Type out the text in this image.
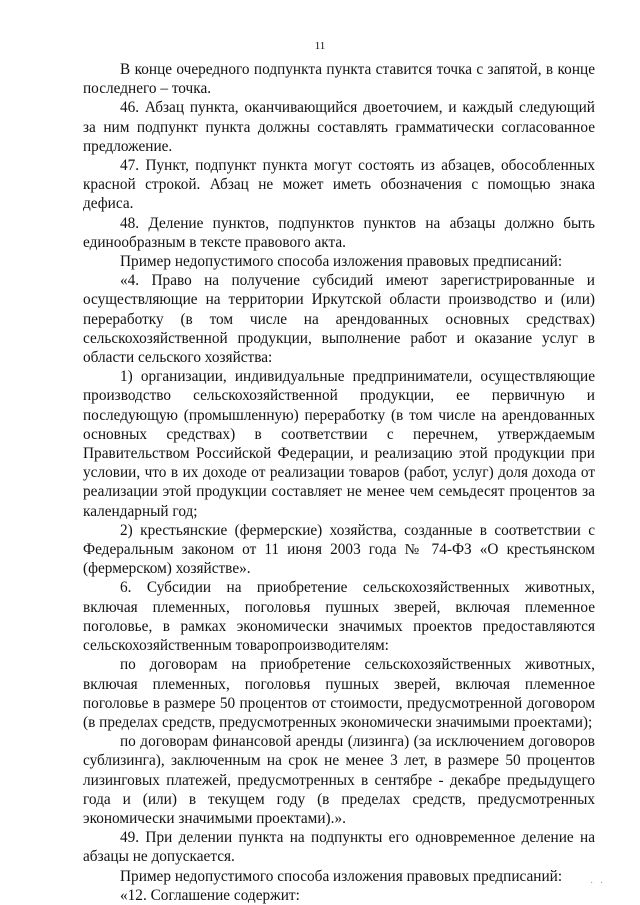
11

В конце очередного подпункта пункта ставится точка с запятой, в конце последнего – точка.

46. Абзац пункта, оканчивающийся двоеточием, и каждый следующий за ним подпункт пункта должны составлять грамматически согласованное предложение.

47. Пункт, подпункт пункта могут состоять из абзацев, обособленных красной строкой. Абзац не может иметь обозначения с помощью знака дефиса.

48. Деление пунктов, подпунктов пунктов на абзацы должно быть единообразным в тексте правового акта.

Пример недопустимого способа изложения правовых предписаний:

«4. Право на получение субсидий имеют зарегистрированные и осуществляющие на территории Иркутской области производство и (или) переработку (в том числе на арендованных основных средствах) сельскохозяйственной продукции, выполнение работ и оказание услуг в области сельского хозяйства:

1) организации, индивидуальные предприниматели, осуществляющие производство сельскохозяйственной продукции, ее первичную и последующую (промышленную) переработку (в том числе на арендованных основных средствах) в соответствии с перечнем, утверждаемым Правительством Российской Федерации, и реализацию этой продукции при условии, что в их доходе от реализации товаров (работ, услуг) доля дохода от реализации этой продукции составляет не менее чем семьдесят процентов за календарный год;

2) крестьянские (фермерские) хозяйства, созданные в соответствии с Федеральным законом от 11 июня 2003 года № 74-ФЗ «О крестьянском (фермерском) хозяйстве».

6. Субсидии на приобретение сельскохозяйственных животных, включая племенных, поголовья пушных зверей, включая племенное поголовье, в рамках экономически значимых проектов предоставляются сельскохозяйственным товаропроизводителям:

по договорам на приобретение сельскохозяйственных животных, включая племенных, поголовья пушных зверей, включая племенное поголовье в размере 50 процентов от стоимости, предусмотренной договором (в пределах средств, предусмотренных экономически значимыми проектами);

по договорам финансовой аренды (лизинга) (за исключением договоров сублизинга), заключенным на срок не менее 3 лет, в размере 50 процентов лизинговых платежей, предусмотренных в сентябре - декабре предыдущего года и (или) в текущем году (в пределах средств, предусмотренных экономически значимыми проектами).».

49. При делении пункта на подпункты его одновременное деление на абзацы не допускается.

Пример недопустимого способа изложения правовых предписаний:

«12. Соглашение содержит:

· ·
